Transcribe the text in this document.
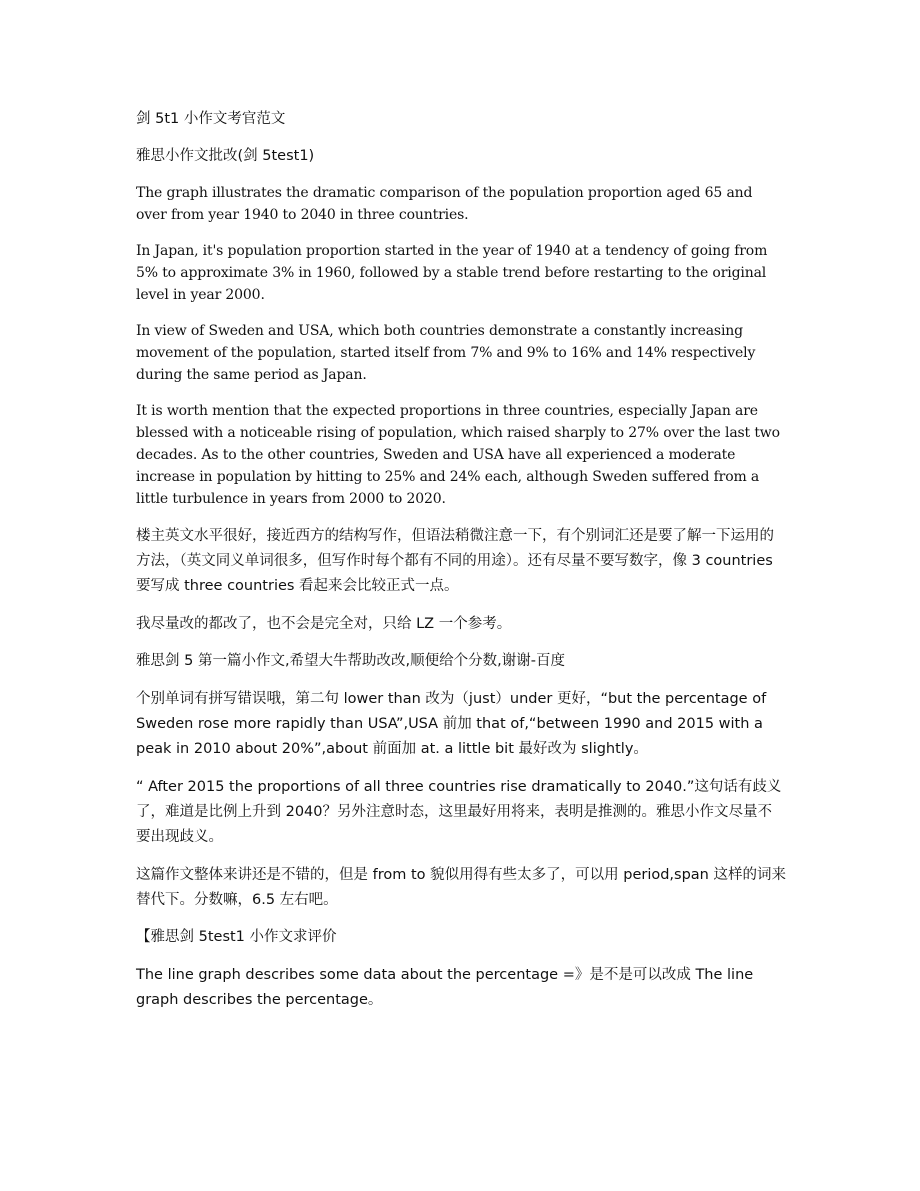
剑 5t1 小作文考官范文

雅思小作文批改(剑 5test1)

The graph illustrates the dramatic comparison of the population proportion aged 65 and over from year 1940 to 2040 in three countries.

In Japan, it's population proportion started in the year of 1940 at a tendency of going from 5% to approximate 3% in 1960, followed by a stable trend before restarting to the original level in year 2000.

In view of Sweden and USA, which both countries demonstrate a constantly increasing movement of the population, started itself from 7% and 9% to 16% and 14% respectively during the same period as Japan.

It is worth mention that the expected proportions in three countries, especially Japan are blessed with a noticeable rising of population, which raised sharply to 27% over the last two decades. As to the other countries, Sweden and USA have all experienced a moderate increase in population by hitting to 25% and 24% each, although Sweden suffered from a little turbulence in years from 2000 to 2020.

楼主英文水平很好，接近西方的结构写作，但语法稍微注意一下，有个别词汇还是要了解一下运用的方法，（英文同义单词很多，但写作时每个都有不同的用途）。还有尽量不要写数字，像 3 countries 要写成 three countries 看起来会比较正式一点。

我尽量改的都改了，也不会是完全对，只给 LZ 一个参考。

雅思剑 5 第一篇小作文,希望大牛帮助改改,顺便给个分数,谢谢-百度

个别单词有拼写错误哦，第二句 lower than 改为（just）under 更好，“but the percentage of Sweden rose more rapidly than USA”,USA 前加 that of,“between 1990 and 2015 with a peak in 2010 about 20%”,about 前面加 at. a little bit 最好改为 slightly。

“ After 2015 the proportions of all three countries rise dramatically to 2040.”这句话有歧义了，难道是比例上升到 2040？另外注意时态，这里最好用将来，表明是推测的。雅思小作文尽量不要出现歧义。

这篇作文整体来讲还是不错的，但是 from to 貌似用得有些太多了，可以用 period,span 这样的词来替代下。分数嘛，6.5 左右吧。

【雅思剑 5test1 小作文求评价

The line graph describes some data about the percentage =》是不是可以改成 The line graph describes the percentage。
